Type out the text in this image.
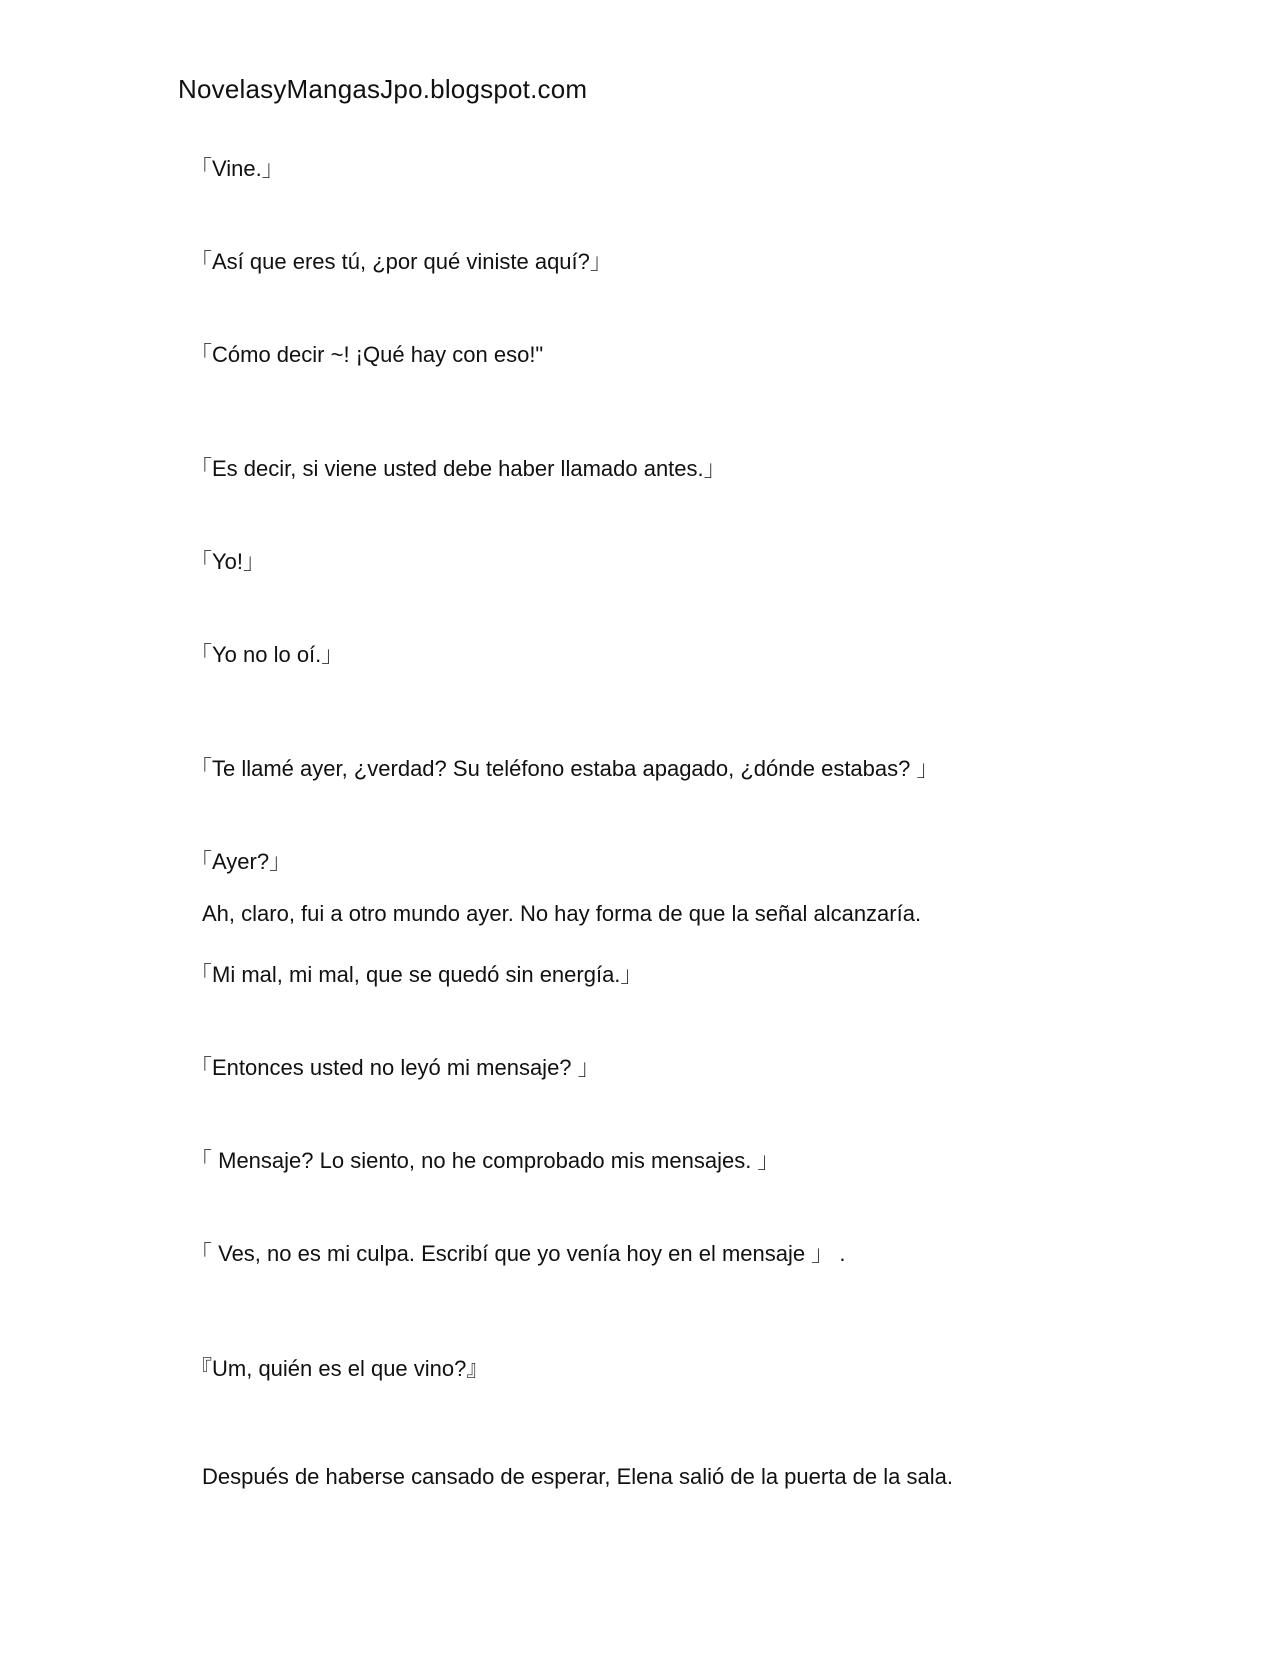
NovelasyMangasJpo.blogspot.com
「Vine.」
「Así que eres tú, ¿por qué viniste aquí?」
「Cómo decir ~! ¡Qué hay con eso!"
「Es decir, si viene usted debe haber llamado antes.」
「Yo!」
「Yo no lo oí.」
「Te llamé ayer, ¿verdad? Su teléfono estaba apagado, ¿dónde estabas? 」
「Ayer?」
Ah, claro, fui a otro mundo ayer. No hay forma de que la señal alcanzaría.
「Mi mal, mi mal, que se quedó sin energía.」
「Entonces usted no leyó mi mensaje? 」
「 Mensaje? Lo siento, no he comprobado mis mensajes. 」
「 Ves, no es mi culpa. Escribí que yo venía hoy en el mensaje 」 .
『Um, quién es el que vino?』
Después de haberse cansado de esperar, Elena salió de la puerta de la sala.
